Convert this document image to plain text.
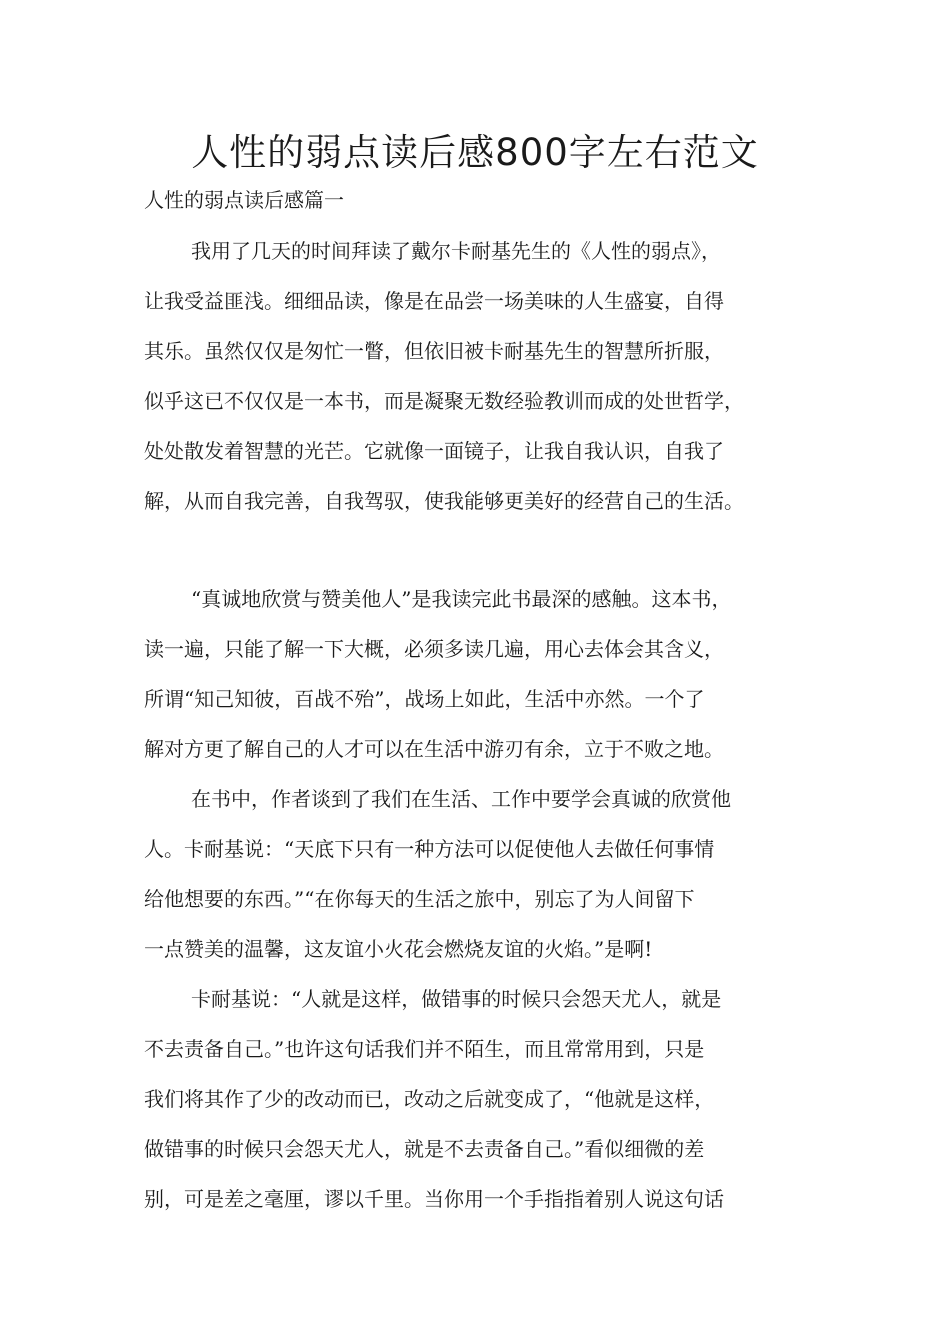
人性的弱点读后感800字左右范文
人性的弱点读后感篇一
我用了几天的时间拜读了戴尔卡耐基先生的《人性的弱点》，
让我受益匪浅。细细品读，像是在品尝一场美味的人生盛宴，自得
其乐。虽然仅仅是匆忙一瞥，但依旧被卡耐基先生的智慧所折服，
似乎这已不仅仅是一本书，而是凝聚无数经验教训而成的处世哲学，
处处散发着智慧的光芒。它就像一面镜子，让我自我认识，自我了
解，从而自我完善，自我驾驭，使我能够更美好的经营自己的生活。
“真诚地欣赏与赞美他人”是我读完此书最深的感触。这本书，
读一遍，只能了解一下大概，必须多读几遍，用心去体会其含义，
所谓“知己知彼，百战不殆”，战场上如此，生活中亦然。一个了
解对方更了解自己的人才可以在生活中游刃有余，立于不败之地。
在书中，作者谈到了我们在生活、工作中要学会真诚的欣赏他
人。卡耐基说：“天底下只有一种方法可以促使他人去做任何事情
给他想要的东西。”“在你每天的生活之旅中，别忘了为人间留下
一点赞美的温馨，这友谊小火花会燃烧友谊的火焰。”是啊!
卡耐基说：“人就是这样，做错事的时候只会怨天尤人，就是
不去责备自己。”也许这句话我们并不陌生，而且常常用到，只是
我们将其作了少的改动而已，改动之后就变成了，“他就是这样，
做错事的时候只会怨天尤人，就是不去责备自己。”看似细微的差
别，可是差之毫厘，谬以千里。当你用一个手指指着别人说这句话
